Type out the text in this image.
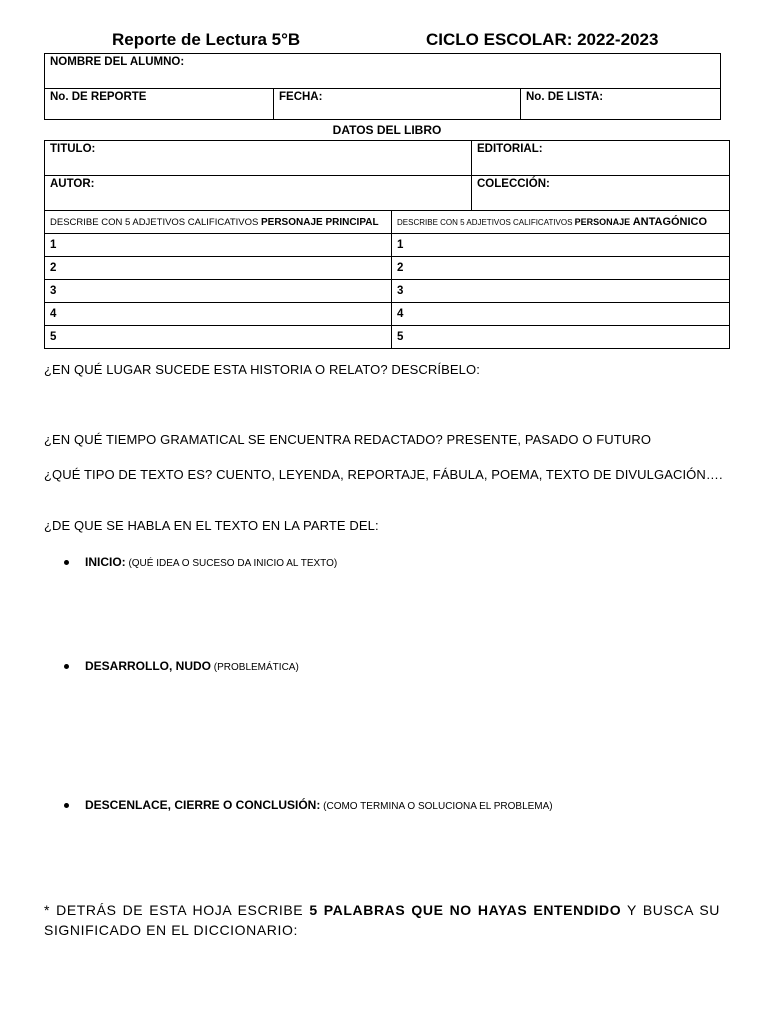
Reporte de Lectura 5°B	CICLO ESCOLAR: 2022-2023
NOMBRE DEL ALUMNO:
No. DE REPORTE	FECHA:	No. DE LISTA:
DATOS DEL LIBRO
TITULO:		EDITORIAL:
AUTOR:		COLECCIÓN:
DESCRIBE CON 5 ADJETIVOS CALIFICATIVOS PERSONAJE PRINCIPAL	DESCRIBE CON 5 ADJETIVOS CALIFICATIVOS PERSONAJE ANTAGÓNICO	
1	1	
2	2	
3	3	
4	4	
5	5	
¿EN QUÉ LUGAR SUCEDE ESTA HISTORIA O RELATO? DESCRÍBELO:
¿EN QUÉ TIEMPO GRAMATICAL SE ENCUENTRA REDACTADO? PRESENTE, PASADO O FUTURO
¿QUÉ TIPO DE TEXTO ES? CUENTO, LEYENDA, REPORTAJE, FÁBULA, POEMA, TEXTO DE DIVULGACIÓN….
¿DE QUE SE HABLA EN EL TEXTO EN LA PARTE DEL:
INICIO: (QUÉ IDEA O SUCESO DA INICIO AL TEXTO)
DESARROLLO, NUDO (PROBLEMÁTICA)
DESCENLACE, CIERRE O CONCLUSIÓN: (COMO TERMINA O SOLUCIONA EL PROBLEMA)
* DETRÁS DE ESTA HOJA ESCRIBE 5 PALABRAS QUE NO HAYAS ENTENDIDO Y BUSCA SU SIGNIFICADO EN EL DICCIONARIO:
